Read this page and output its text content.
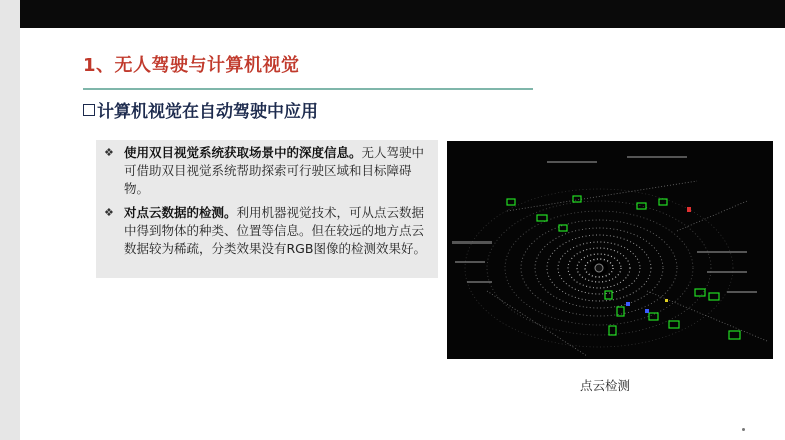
1、无人驾驶与计算机视觉
计算机视觉在自动驾驶中应用
❖ 使用双目视觉系统获取场景中的深度信息。无人驾驶中可借助双目视觉系统帮助探索可行驶区域和目标障碍物。
❖ 对点云数据的检测。利用机器视觉技术，可从点云数据中得到物体的种类、位置等信息。但在较远的地方点云数据较为稀疏，分类效果没有RGB图像的检测效果好。
点云检测
